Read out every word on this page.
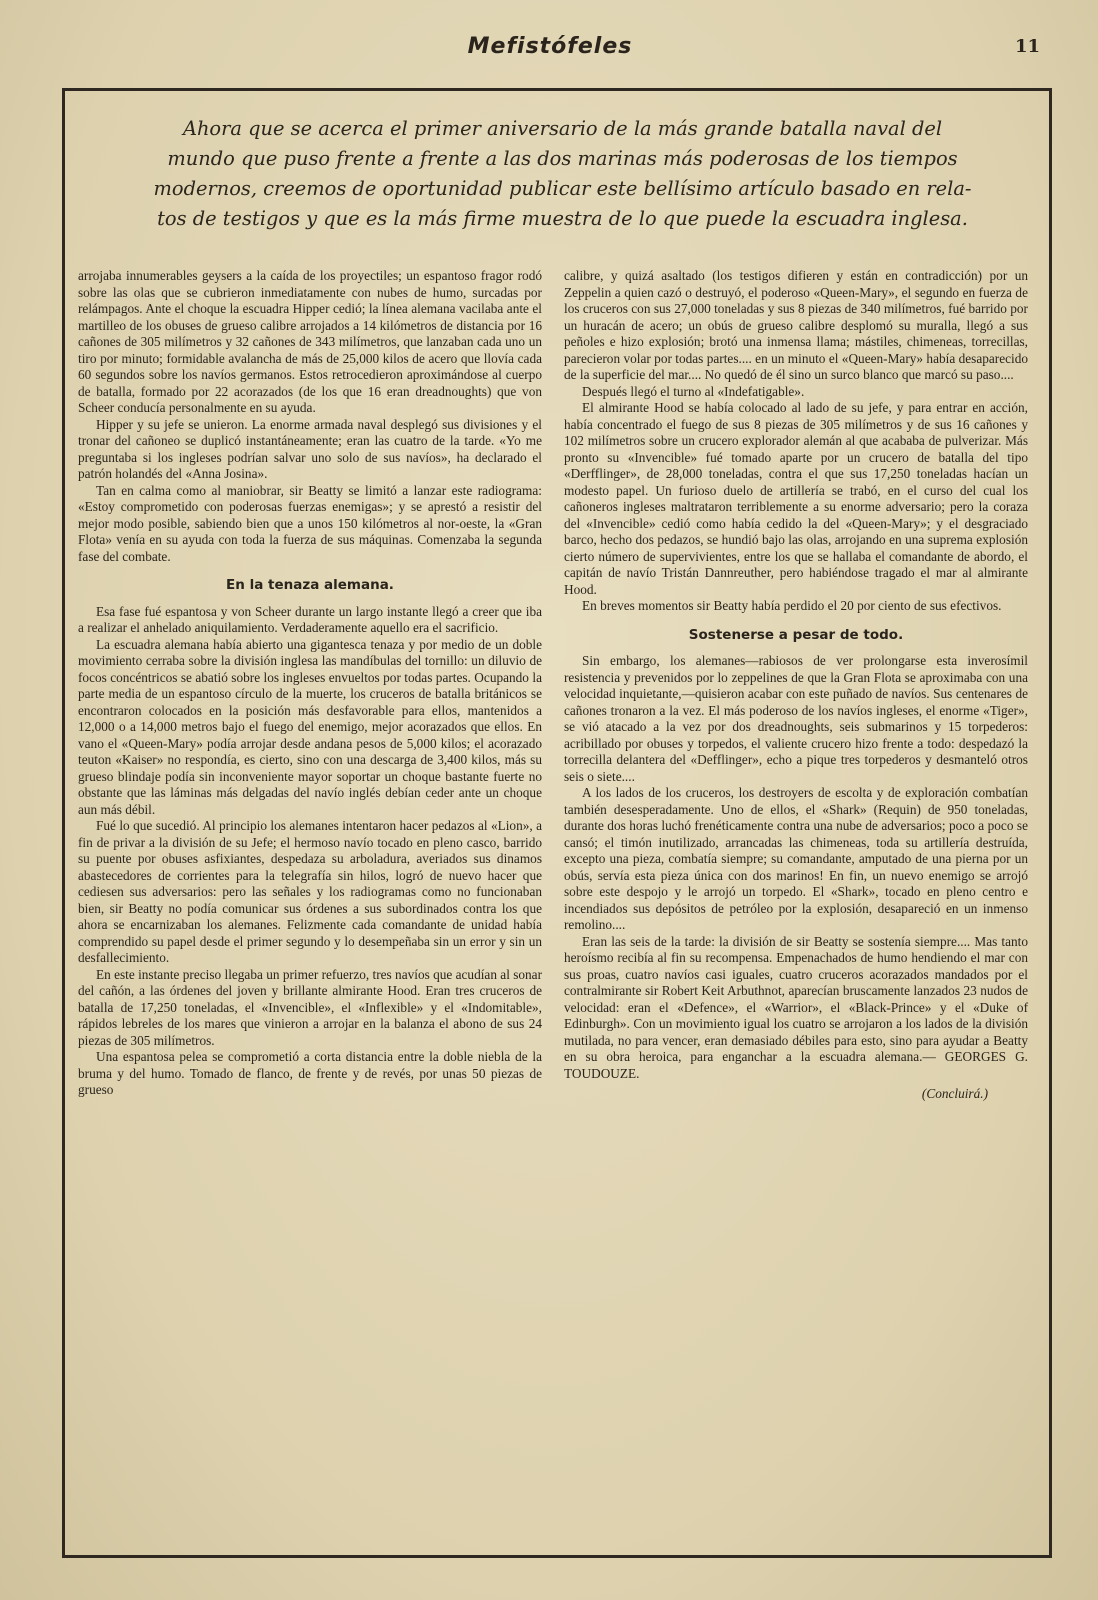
Mefistófeles	11
Ahora que se acerca el primer aniversario de la más grande batalla naval del
mundo que puso frente a frente a las dos marinas más poderosas de los tiempos
modernos, creemos de oportunidad publicar este bellísimo artículo basado en rela-
tos de testigos y que es la más firme muestra de lo que puede la escuadra inglesa.

arrojaba innumerables geysers a la caída de los proyectiles; un espantoso fragor rodó sobre las olas que se cubrieron inmediatamente con nubes de humo, surcadas por relámpagos. Ante el choque la escuadra Hipper cedió; la línea alemana vacilaba ante el martilleo de los obuses de grueso calibre arrojados a 14 kilómetros de distancia por 16 cañones de 305 milímetros y 32 cañones de 343 milímetros, que lanzaban cada uno un tiro por minuto; formidable avalancha de más de 25,000 kilos de acero que llovía cada 60 segundos sobre los navíos germanos. Estos retrocedieron aproximándose al cuerpo de batalla, formado por 22 acorazados (de los que 16 eran dreadnoughts) que von Scheer conducía personalmente en su ayuda.

Hipper y su jefe se unieron. La enorme armada naval desplegó sus divisiones y el tronar del cañoneo se duplicó instantáneamente; eran las cuatro de la tarde. «Yo me preguntaba si los ingleses podrían salvar uno solo de sus navíos», ha declarado el patrón holandés del «Anna Josina».

Tan en calma como al maniobrar, sir Beatty se limitó a lanzar este radiograma: «Estoy comprometido con poderosas fuerzas enemigas»; y se aprestó a resistir del mejor modo posible, sabiendo bien que a unos 150 kilómetros al nor-oeste, la «Gran Flota» venía en su ayuda con toda la fuerza de sus máquinas. Comenzaba la segunda fase del combate.

En la tenaza alemana.

Esa fase fué espantosa y von Scheer durante un largo instante llegó a creer que iba a realizar el anhelado aniquilamiento. Verdaderamente aquello era el sacrificio.

La escuadra alemana había abierto una gigantesca tenaza y por medio de un doble movimiento cerraba sobre la división inglesa las mandíbulas del tornillo: un diluvio de focos concéntricos se abatió sobre los ingleses envueltos por todas partes. Ocupando la parte media de un espantoso círculo de la muerte, los cruceros de batalla británicos se encontraron colocados en la posición más desfavorable para ellos, mantenidos a 12,000 o a 14,000 metros bajo el fuego del enemigo, mejor acorazados que ellos. En vano el «Queen-Mary» podía arrojar desde andana pesos de 5,000 kilos; el acorazado teuton «Kaiser» no respondía, es cierto, sino con una descarga de 3,400 kilos, más su grueso blindaje podía sin inconveniente mayor soportar un choque bastante fuerte no obstante que las láminas más delgadas del navío inglés debían ceder ante un choque aun más débil.

Fué lo que sucedió. Al principio los alemanes intentaron hacer pedazos al «Lion», a fin de privar a la división de su Jefe; el hermoso navío tocado en pleno casco, barrido su puente por obuses asfixiantes, despedaza su arboladura, averiados sus dinamos abastecedores de corrientes para la telegrafía sin hilos, logró de nuevo hacer que cediesen sus adversarios: pero las señales y los radiogramas como no funcionaban bien, sir Beatty no podía comunicar sus órdenes a sus subordinados contra los que ahora se encarnizaban los alemanes. Felizmente cada comandante de unidad había comprendido su papel desde el primer segundo y lo desempeñaba sin un error y sin un desfallecimiento.

En este instante preciso llegaba un primer refuerzo, tres navíos que acudían al sonar del cañón, a las órdenes del joven y brillante almirante Hood. Eran tres cruceros de batalla de 17,250 toneladas, el «Invencible», el «Inflexible» y el «Indomitable», rápidos lebreles de los mares que vinieron a arrojar en la balanza el abono de sus 24 piezas de 305 milímetros.

Una espantosa pelea se comprometió a corta distancia entre la doble niebla de la bruma y del humo. Tomado de flanco, de frente y de revés, por unas 50 piezas de grueso

calibre, y quizá asaltado (los testigos difieren y están en contradicción) por un Zeppelin a quien cazó o destruyó, el poderoso «Queen-Mary», el segundo en fuerza de los cruceros con sus 27,000 toneladas y sus 8 piezas de 340 milímetros, fué barrido por un huracán de acero; un obús de grueso calibre desplomó su muralla, llegó a sus peñoles e hizo explosión; brotó una inmensa llama; mástiles, chimeneas, torrecillas, parecieron volar por todas partes.... en un minuto el «Queen-Mary» había desaparecido de la superficie del mar.... No quedó de él sino un surco blanco que marcó su paso....

Después llegó el turno al «Indefatigable».

El almirante Hood se había colocado al lado de su jefe, y para entrar en acción, había concentrado el fuego de sus 8 piezas de 305 milímetros y de sus 16 cañones y 102 milímetros sobre un crucero explorador alemán al que acababa de pulverizar. Más pronto su «Invencible» fué tomado aparte por un crucero de batalla del tipo «Derfflinger», de 28,000 toneladas, contra el que sus 17,250 toneladas hacían un modesto papel. Un furioso duelo de artillería se trabó, en el curso del cual los cañoneros ingleses maltrataron terriblemente a su enorme adversario; pero la coraza del «Invencible» cedió como había cedido la del «Queen-Mary»; y el desgraciado barco, hecho dos pedazos, se hundió bajo las olas, arrojando en una suprema explosión cierto número de supervivientes, entre los que se hallaba el comandante de abordo, el capitán de navío Tristán Dannreuther, pero habiéndose tragado el mar al almirante Hood.

En breves momentos sir Beatty había perdido el 20 por ciento de sus efectivos.

Sostenerse a pesar de todo.

Sin embargo, los alemanes—rabiosos de ver prolongarse esta inverosímil resistencia y prevenidos por lo zeppelines de que la Gran Flota se aproximaba con una velocidad inquietante,—quisieron acabar con este puñado de navíos. Sus centenares de cañones tronaron a la vez. El más poderoso de los navíos ingleses, el enorme «Tiger», se vió atacado a la vez por dos dreadnoughts, seis submarinos y 15 torpederos: acribillado por obuses y torpedos, el valiente crucero hizo frente a todo: despedazó la torrecilla delantera del «Defflinger», echo a pique tres torpederos y desmanteló otros seis o siete....

A los lados de los cruceros, los destroyers de escolta y de exploración combatían también desesperadamente. Uno de ellos, el «Shark» (Requin) de 950 toneladas, durante dos horas luchó frenéticamente contra una nube de adversarios; poco a poco se cansó; el timón inutilizado, arrancadas las chimeneas, toda su artillería destruída, excepto una pieza, combatía siempre; su comandante, amputado de una pierna por un obús, servía esta pieza única con dos marinos! En fin, un nuevo enemigo se arrojó sobre este despojo y le arrojó un torpedo. El «Shark», tocado en pleno centro e incendiados sus depósitos de petróleo por la explosión, desapareció en un inmenso remolino....

Eran las seis de la tarde: la división de sir Beatty se sostenía siempre.... Mas tanto heroísmo recibía al fin su recompensa. Empenachados de humo hendiendo el mar con sus proas, cuatro navíos casi iguales, cuatro cruceros acorazados mandados por el contralmirante sir Robert Keit Arbuthnot, aparecían bruscamente lanzados 23 nudos de velocidad: eran el «Defence», el «Warrior», el «Black-Prince» y el «Duke of Edinburgh». Con un movimiento igual los cuatro se arrojaron a los lados de la división mutilada, no para vencer, eran demasiado débiles para esto, sino para ayudar a Beatty en su obra heroica, para enganchar a la escuadra alemana.— GEORGES G. TOUDOUZE.

(Concluirá.)
